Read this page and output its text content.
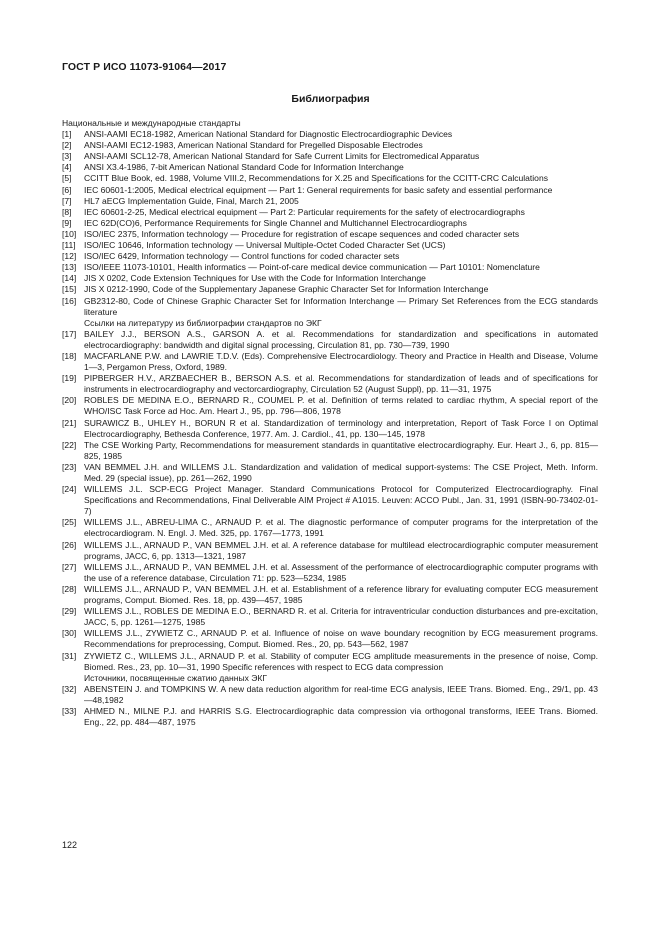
ГОСТ Р ИСО 11073-91064—2017
Библиография
Национальные и международные стандарты
[1]	ANSI-AAMI EC18-1982, American National Standard for Diagnostic Electrocardiographic Devices
[2]	ANSI-AAMI EC12-1983, American National Standard for Pregelled Disposable Electrodes
[3]	ANSI-AAMI SCL12-78, American National Standard for Safe Current Limits for Electromedical Apparatus
[4]	ANSI X3.4-1986, 7-bit American National Standard Code for Information Interchange
[5]	CCITT Blue Book, ed. 1988, Volume VIII.2, Recommendations for X.25 and Specifications for the CCITT-CRC Calculations
[6]	IEC 60601-1:2005, Medical electrical equipment — Part 1: General requirements for basic safety and essential performance
[7]	HL7 aECG Implementation Guide, Final, March 21, 2005
[8]	IEC 60601-2-25, Medical electrical equipment — Part 2: Particular requirements for the safety of electrocardiographs
[9]	IEC 62D(CO)6, Performance Requirements for Single Channel and Multichannel Electrocardiographs
[10] ISO/IEC 2375, Information technology — Procedure for registration of escape sequences and coded character sets
[11] ISO/IEC 10646, Information technology — Universal Multiple-Octet Coded Character Set (UCS)
[12] ISO/IEC 6429, Information technology — Control functions for coded character sets
[13] ISO/IEEE 11073-10101, Health informatics — Point-of-care medical device communication — Part 10101: Nomenclature
[14] JIS X 0202, Code Extension Techniques for Use with the Code for Information Interchange
[15] JIS X 0212-1990, Code of the Supplementary Japanese Graphic Character Set for Information Interchange
[16] GB2312-80, Code of Chinese Graphic Character Set for Information Interchange — Primary Set References from the ECG standards literature
Ссылки на литературу из библиографии стандартов по ЭКГ
[17] BAILEY J.J., BERSON A.S., GARSON A. et al. Recommendations for standardization and specifications in automated electrocardiography: bandwidth and digital signal processing, Circulation 81, pp. 730—739, 1990
[18] MACFARLANE P.W. and LAWRIE T.D.V. (Eds). Comprehensive Electrocardiology. Theory and Practice in Health and Disease, Volume 1—3, Pergamon Press, Oxford, 1989.
[19] PIPBERGER H.V., ARZBAECHER B., BERSON A.S. et al. Recommendations for standardization of leads and of specifications for instruments in electrocardiography and vectorcardiography, Circulation 52 (August Suppl), pp. 11—31, 1975
[20] ROBLES DE MEDINA E.O., BERNARD R., COUMEL P. et al. Definition of terms related to cardiac rhythm, A special report of the WHO/ISC Task Force ad Hoc. Am. Heart J., 95, pp. 796—806, 1978
[21] SURAWICZ B., UHLEY H., BORUN R et al. Standardization of terminology and interpretation, Report of Task Force I on Optimal Electrocardiography, Bethesda Conference, 1977. Am. J. Cardiol., 41, pp. 130—145, 1978
[22] The CSE Working Party, Recommendations for measurement standards in quantitative electrocardiography. Eur. Heart J., 6, pp. 815—825, 1985
[23] VAN BEMMEL J.H. and WILLEMS J.L. Standardization and validation of medical support-systems: The CSE Project, Meth. Inform. Med. 29 (special issue), pp. 261—262, 1990
[24] WILLEMS J.L. SCP-ECG Project Manager. Standard Communications Protocol for Computerized Electrocardiography. Final Specifications and Recommendations, Final Deliverable AIM Project # A1015. Leuven: ACCO Publ., Jan. 31, 1991 (ISBN-90-73402-01-7)
[25] WILLEMS J.L., ABREU-LIMA C., ARNAUD P. et al. The diagnostic performance of computer programs for the interpretation of the electrocardiogram. N. Engl. J. Med. 325, pp. 1767—1773, 1991
[26] WILLEMS J.L., ARNAUD P., VAN BEMMEL J.H. et al. A reference database for multilead electrocardiographic computer measurement programs, JACC, 6, pp. 1313—1321, 1987
[27] WILLEMS J.L., ARNAUD P., VAN BEMMEL J.H. et al. Assessment of the performance of electrocardiographic computer programs with the use of a reference database, Circulation 71: pp. 523—5234, 1985
[28] WILLEMS J.L., ARNAUD P., VAN BEMMEL J.H. et al. Establishment of a reference library for evaluating computer ECG measurement programs, Comput. Biomed. Res. 18, pp. 439—457, 1985
[29] WILLEMS J.L., ROBLES DE MEDINA E.O., BERNARD R. et al. Criteria for intraventricular conduction disturbances and pre-excitation, JACC, 5, pp. 1261—1275, 1985
[30] WILLEMS J.L., ZYWIETZ C., ARNAUD P. et al. Influence of noise on wave boundary recognition by ECG measurement programs. Recommendations for preprocessing, Comput. Biomed. Res., 20, pp. 543—562, 1987
[31] ZYWIETZ C., WILLEMS J.L., ARNAUD P. et al. Stability of computer ECG amplitude measurements in the presence of noise, Comp. Biomed. Res., 23, pp. 10—31, 1990 Specific references with respect to ECG data compression
Источники, посвященные сжатию данных ЭКГ
[32] ABENSTEIN J. and TOMPKINS W. A new data reduction algorithm for real-time ECG analysis, IEEE Trans. Biomed. Eng., 29/1, pp. 43—48,1982
[33] AHMED N., MILNE P.J. and HARRIS S.G. Electrocardiographic data compression via orthogonal transforms, IEEE Trans. Biomed. Eng., 22, pp. 484—487, 1975
122
